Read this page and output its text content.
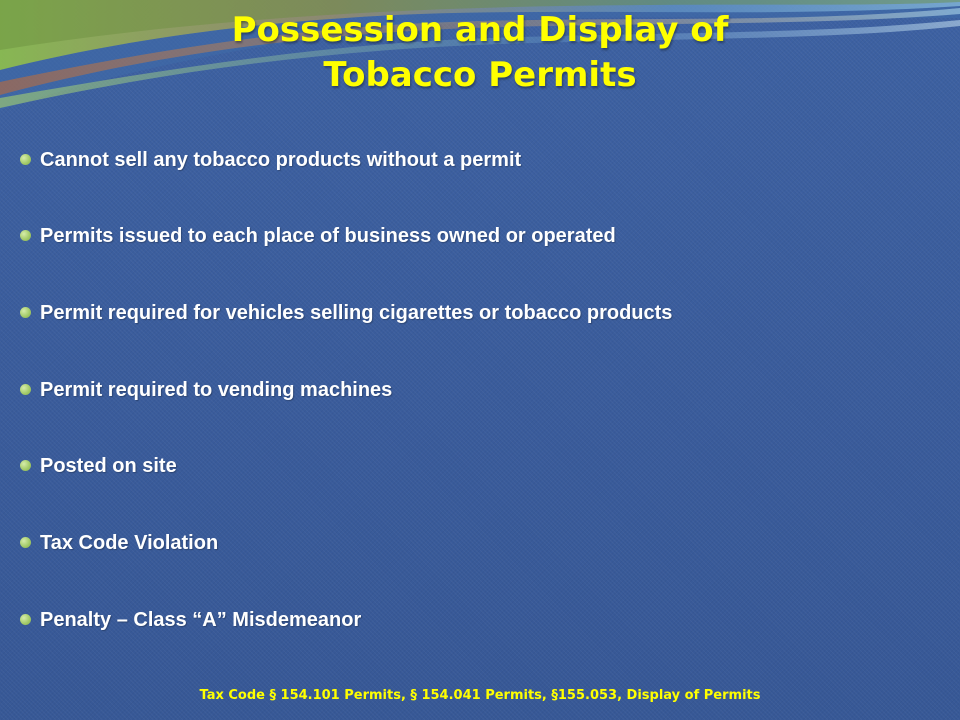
Possession and Display of
Tobacco Permits
Cannot sell any tobacco products without a permit
Permits issued to each place of business owned or operated
Permit required for vehicles selling cigarettes or tobacco products
Permit required to vending machines
Posted on site
Tax Code Violation
Penalty – Class “A” Misdemeanor
Tax Code § 154.101 Permits, § 154.041 Permits, §155.053, Display of Permits
